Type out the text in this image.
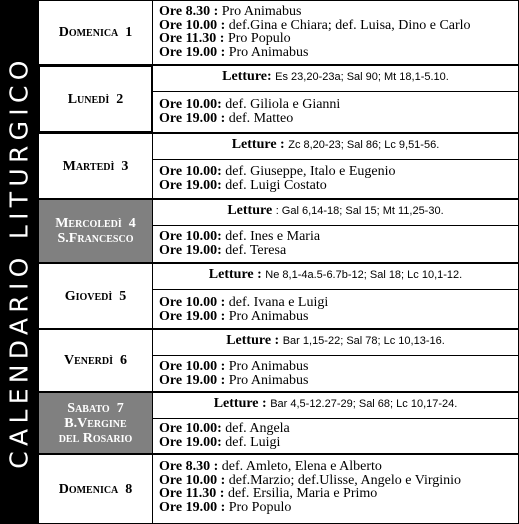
CALENDARIO LITURGICO
Domenica 1
Ore 8.30 : Pro Animabus
Ore 10.00 : def.Gina e Chiara; def. Luisa, Dino e Carlo
Ore 11.30 : Pro Populo
Ore 19.00 : Pro Animabus
Lunedì 2
Letture: Es 23,20-23a; Sal 90; Mt 18,1-5.10.
Ore 10.00: def. Giliola e Gianni
Ore 19.00 : def. Matteo
Martedì 3
Letture : Zc 8,20-23; Sal 86; Lc 9,51-56.
Ore 10.00: def. Giuseppe, Italo e Eugenio
Ore 19.00: def. Luigi Costato
Mercoledì 4
S.Francesco
Letture : Gal 6,14-18; Sal 15; Mt 11,25-30.
Ore 10.00: def. Ines e Maria
Ore 19.00: def. Teresa
Giovedì 5
Letture : Ne 8,1-4a.5-6.7b-12; Sal 18; Lc 10,1-12.
Ore 10.00 : def. Ivana e Luigi
Ore 19.00 : Pro Animabus
Venerdì 6
Letture : Bar 1,15-22; Sal 78; Lc 10,13-16.
Ore 10.00 : Pro Animabus
Ore 19.00 : Pro Animabus
Sabato 7
B.Vergine
del Rosario
Letture : Bar 4,5-12.27-29; Sal 68; Lc 10,17-24.
Ore 10.00: def. Angela
Ore 19.00: def. Luigi
Domenica 8
Ore 8.30 : def. Amleto, Elena e Alberto
Ore 10.00 : def.Marzio; def.Ulisse, Angelo e Virginio
Ore 11.30 : def. Ersilia, Maria e Primo
Ore 19.00 : Pro Populo
